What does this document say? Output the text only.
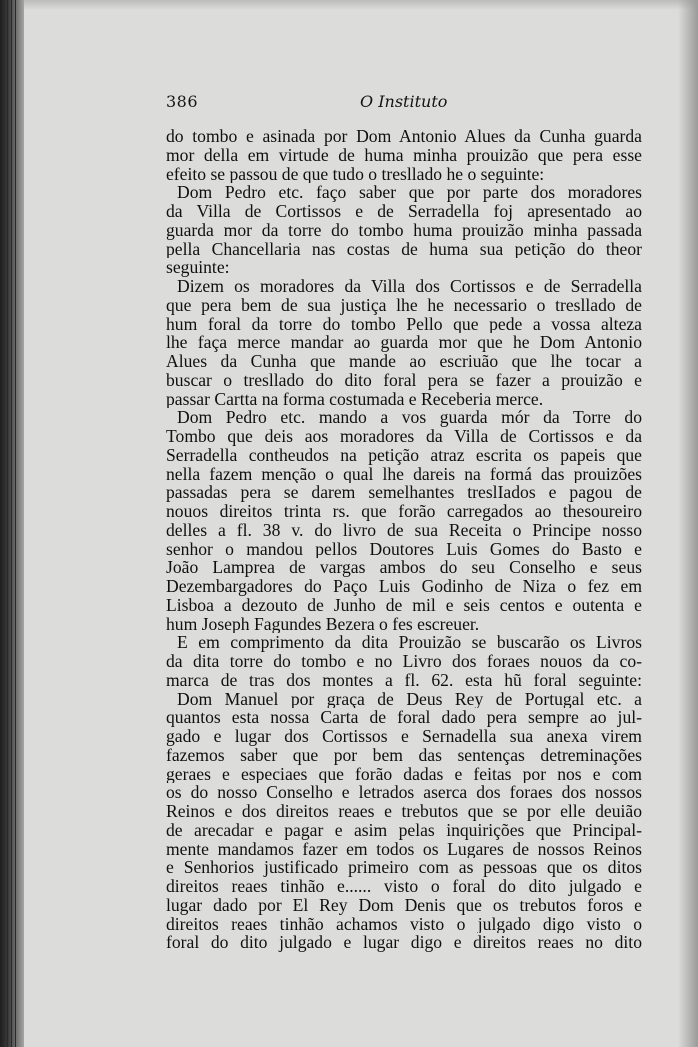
386	O Instituto
do tombo e asinada por Dom Antonio Alues da Cunha guarda
mor della em virtude de huma minha prouizão que pera esse
efeito se passou de que tudo o tresllado he o seguinte:
Dom Pedro etc. faço saber que por parte dos moradores
da Villa de Cortissos e de Serradella foj apresentado ao
guarda mor da torre do tombo huma prouizão minha passada
pella Chancellaria nas costas de huma sua petição do theor
seguinte:
Dizem os moradores da Villa dos Cortissos e de Serradella
que pera bem de sua justiça lhe he necessario o tresllado de
hum foral da torre do tombo Pello que pede a vossa alteza
lhe faça merce mandar ao guarda mor que he Dom Antonio
Alues da Cunha que mande ao escriuão que lhe tocar a
buscar o tresllado do dito foral pera se fazer a prouizão e
passar Cartta na forma costumada e Receberia merce.
Dom Pedro etc. mando a vos guarda mór da Torre do
Tombo que deis aos moradores da Villa de Cortissos e da
Serradella contheudos na petição atraz escrita os papeis que
nella fazem menção o qual lhe dareis na formá das prouizões
passadas pera se darem semelhantes treslIados e pagou de
nouos direitos trinta rs. que forão carregados ao thesoureiro
delles a fl. 38 v. do livro de sua Receita o Principe nosso
senhor o mandou pellos Doutores Luis Gomes do Basto e
João Lamprea de vargas ambos do seu Conselho e seus
Dezembargadores do Paço Luis Godinho de Niza o fez em
Lisboa a dezouto de Junho de mil e seis centos e outenta e
hum Joseph Fagundes Bezera o fes escreuer.
E em comprimento da dita Prouizão se buscarão os Livros
da dita torre do tombo e no Livro dos foraes nouos da co-
marca de tras dos montes a fl. 62. esta hũ foral seguinte:
Dom Manuel por graça de Deus Rey de Portugal etc. a
quantos esta nossa Carta de foral dado pera sempre ao jul-
gado e lugar dos Cortissos e Sernadella sua anexa virem
fazemos saber que por bem das sentenças detreminações
geraes e especiaes que forão dadas e feitas por nos e com
os do nosso Conselho e letrados aserca dos foraes dos nossos
Reinos e dos direitos reaes e trebutos que se por elle deuião
de arecadar e pagar e asim pelas inquirições que Principal-
mente mandamos fazer em todos os Lugares de nossos Reinos
e Senhorios justificado primeiro com as pessoas que os ditos
direitos reaes tinhão e...... visto o foral do dito julgado e
lugar dado por El Rey Dom Denis que os trebutos foros e
direitos reaes tinhão achamos visto o julgado digo visto o
foral do dito julgado e lugar digo e direitos reaes no dito
